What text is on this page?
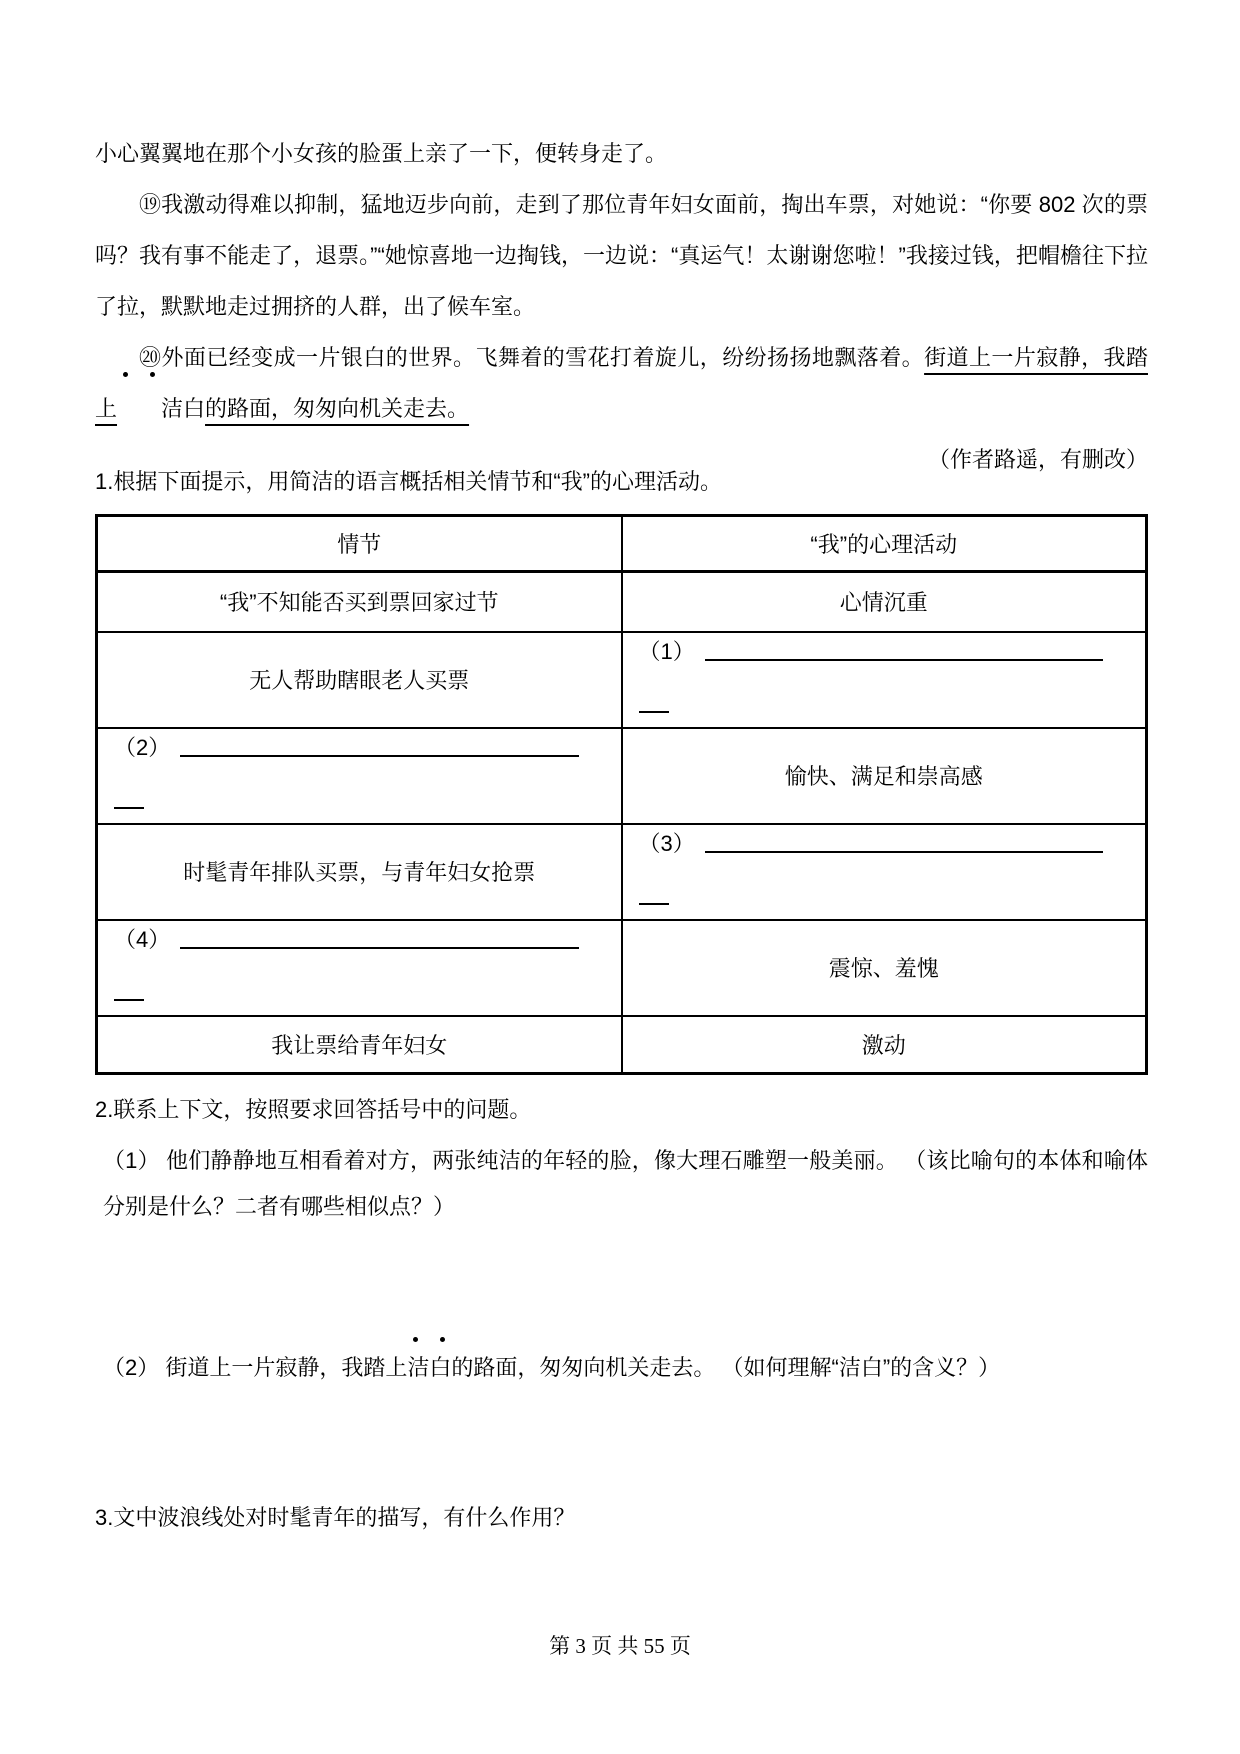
小心翼翼地在那个小女孩的脸蛋上亲了一下，便转身走了。

⑲我激动得难以抑制，猛地迈步向前，走到了那位青年妇女面前，掏出车票，对她说：“你要 802 次的票吗？我有事不能走了，退票。”“她惊喜地一边掏钱，一边说：“真运气！太谢谢您啦！”我接过钱，把帽檐往下拉了拉，默默地走过拥挤的人群，出了候车室。

⑳外面已经变成一片银白的世界。飞舞着的雪花打着旋儿，纷纷扬扬地飘落着。街道上一片寂静，我踏上 洁白的路面，匆匆向机关走去。

（作者路遥，有删改）

1.根据下面提示，用简洁的语言概括相关情节和“我”的心理活动。

情节	“我”的心理活动
“我”不知能否买到票回家过节	心情沉重
无人帮助瞎眼老人买票	（1）

（2）	愉快、满足和崇高感
时髦青年排队买票，与青年妇女抢票	（3）

（4）	震惊、羞愧
我让票给青年妇女	激动

2.联系上下文，按照要求回答括号中的问题。

（1） 他们静静地互相看着对方，两张纯洁的年轻的脸，像大理石雕塑一般美丽。 （该比喻句的本体和喻体分别是什么？二者有哪些相似点？）

（2） 街道上一片寂静，我踏上
洁白的路面，匆匆向机关走去。 （如何理解“洁白”的含义？）

3.文中波浪线处对时髦青年的描写，有什么作用？

第 3 页 共 55 页
